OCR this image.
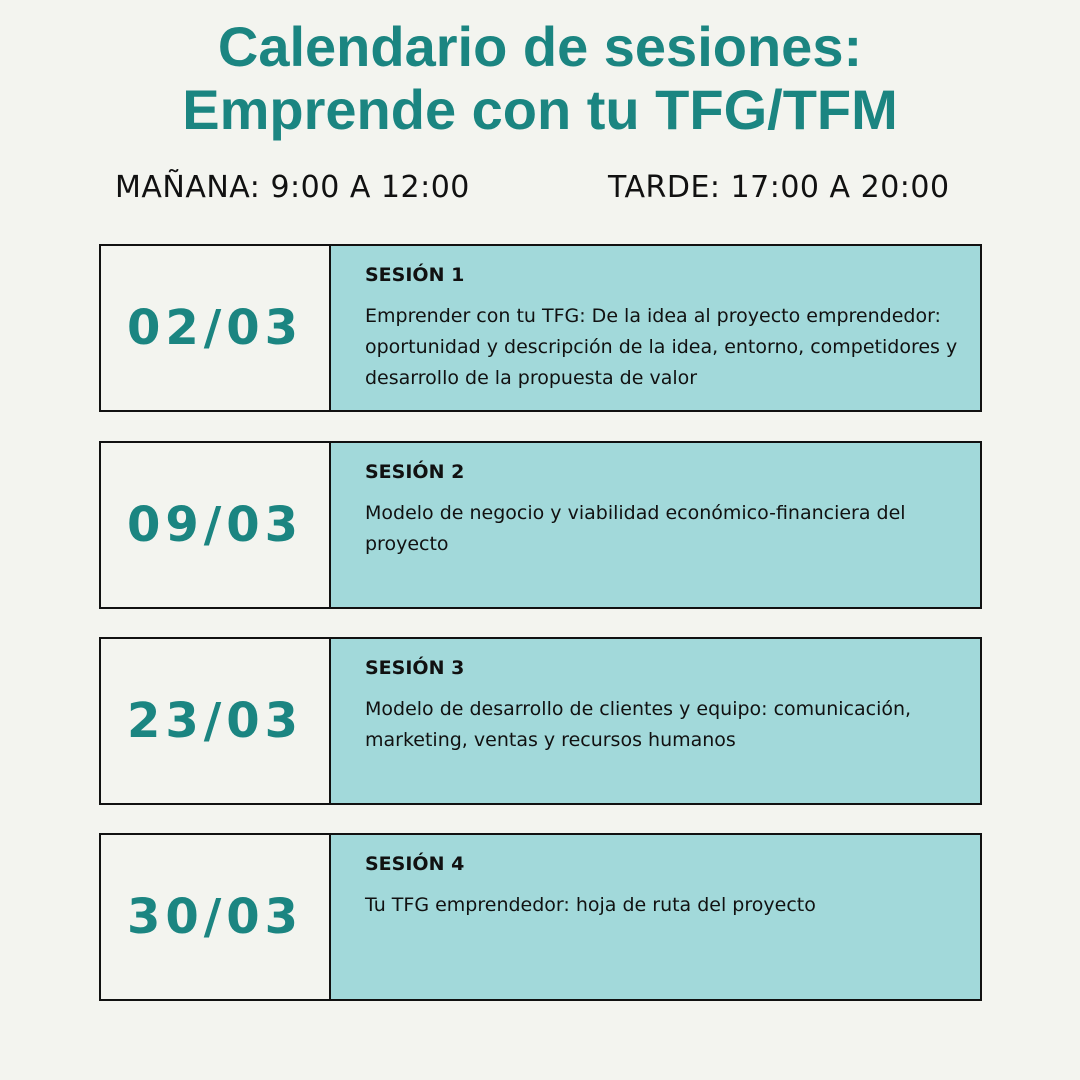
Calendario de sesiones:
Emprende con tu TFG/TFM
MAÑANA: 9:00 A 12:00	TARDE: 17:00 A 20:00
02/03
SESIÓN 1
Emprender con tu TFG: De la idea al proyecto emprendedor: oportunidad y descripción de la idea, entorno, competidores y desarrollo de la propuesta de valor
09/03
SESIÓN 2
Modelo de negocio y viabilidad económico-financiera del proyecto
23/03
SESIÓN 3
Modelo de desarrollo de clientes y equipo: comunicación, marketing, ventas y recursos humanos
30/03
SESIÓN 4
Tu TFG emprendedor: hoja de ruta del proyecto
